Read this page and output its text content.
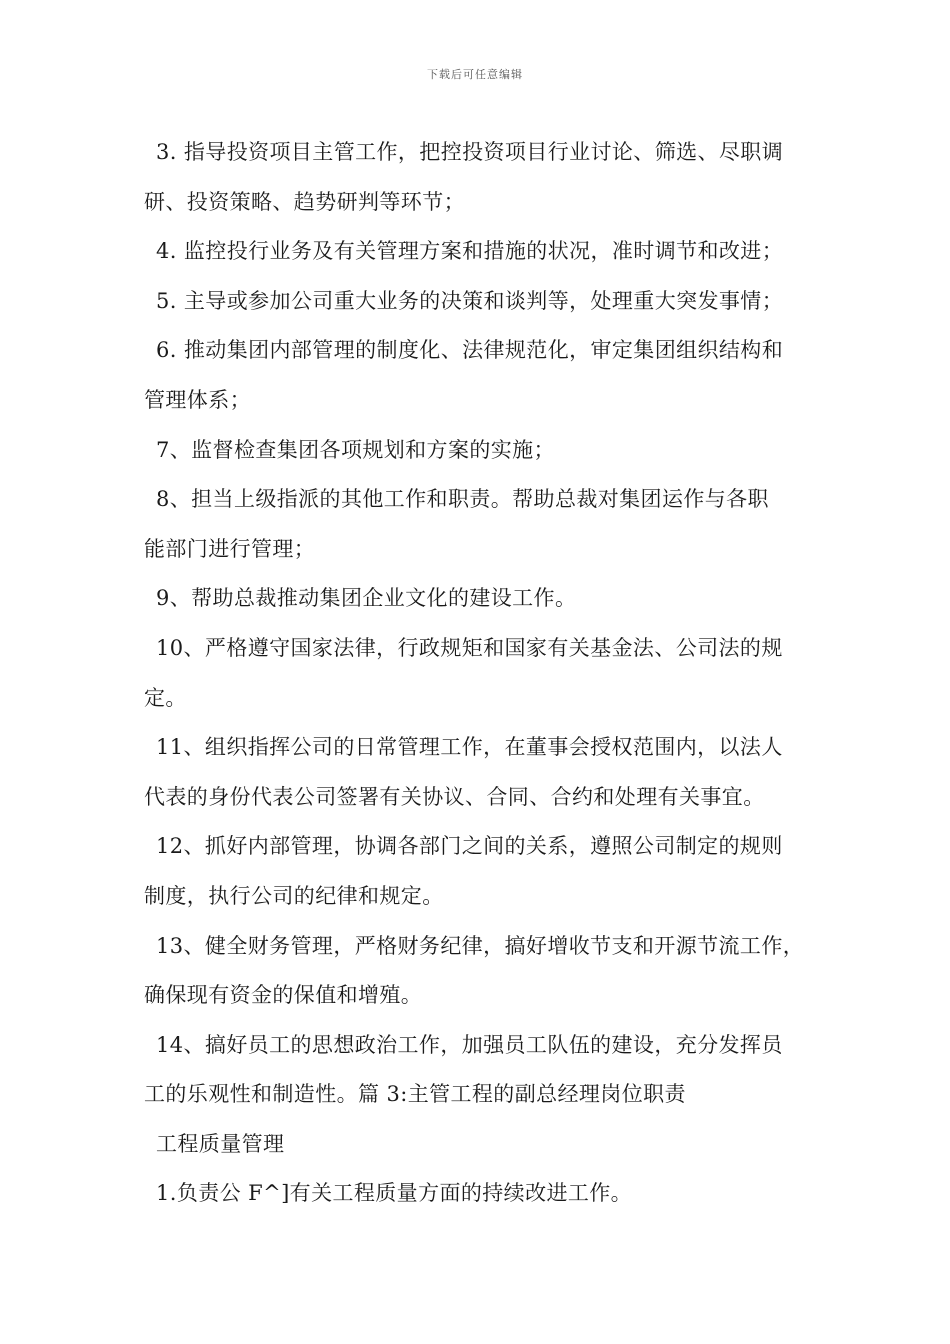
下载后可任意编辑
3. 指导投资项目主管工作，把控投资项目行业讨论、筛选、尽职调
研、投资策略、趋势研判等环节；
4. 监控投行业务及有关管理方案和措施的状况，准时调节和改进；
5. 主导或参加公司重大业务的决策和谈判等，处理重大突发事情；
6. 推动集团内部管理的制度化、法律规范化，审定集团组织结构和
管理体系；
7、监督检查集团各项规划和方案的实施；
8、担当上级指派的其他工作和职责。帮助总裁对集团运作与各职
能部门进行管理；
9、帮助总裁推动集团企业文化的建设工作。
10、严格遵守国家法律，行政规矩和国家有关基金法、公司法的规
定。
11、组织指挥公司的日常管理工作，在董事会授权范围内，以法人
代表的身份代表公司签署有关协议、合同、合约和处理有关事宜。
12、抓好内部管理，协调各部门之间的关系，遵照公司制定的规则
制度，执行公司的纪律和规定。
13、健全财务管理，严格财务纪律，搞好增收节支和开源节流工作，
确保现有资金的保值和增殖。
14、搞好员工的思想政治工作，加强员工队伍的建设，充分发挥员
工的乐观性和制造性。篇 3:主管工程的副总经理岗位职责
工程质量管理
1.负责公 F^]有关工程质量方面的持续改进工作。
